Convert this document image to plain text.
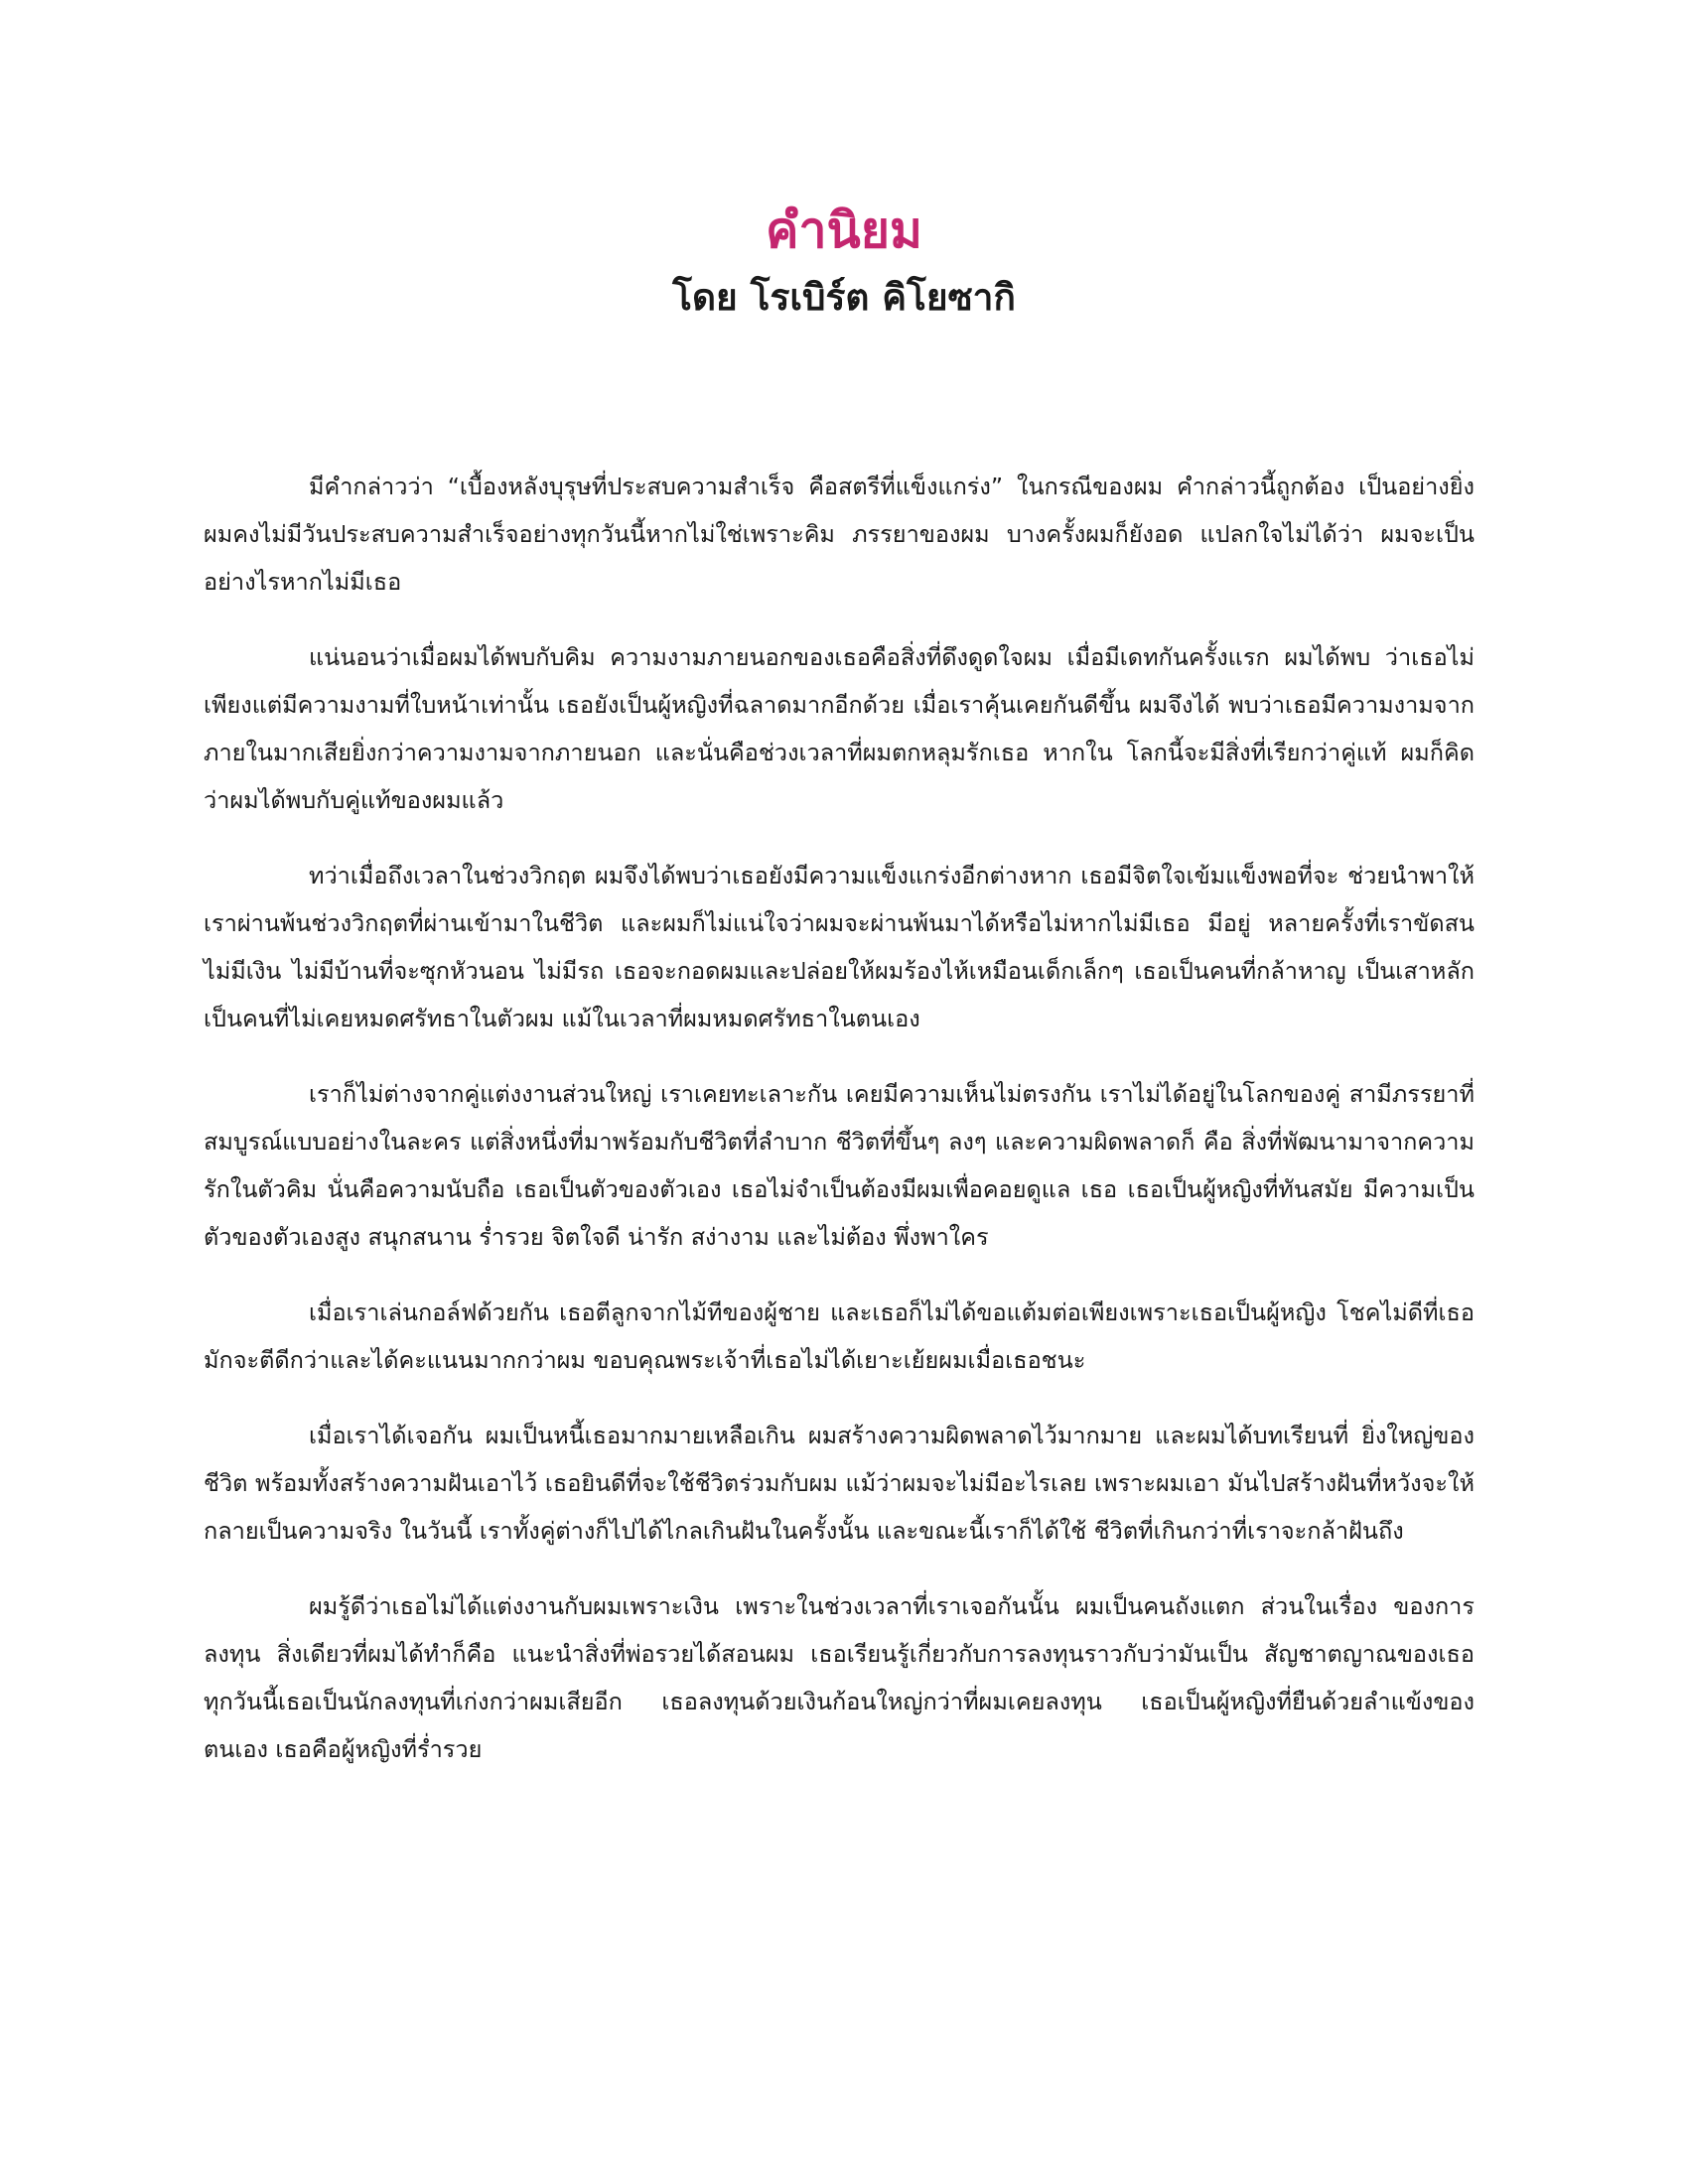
คำนิยม
โดย โรเบิร์ต คิโยซากิ

มีคำกล่าวว่า “เบื้องหลังบุรุษที่ประสบความสำเร็จ คือสตรีที่แข็งแกร่ง” ในกรณีของผม คำกล่าวนี้ถูกต้อง เป็นอย่างยิ่ง ผมคงไม่มีวันประสบความสำเร็จอย่างทุกวันนี้หากไม่ใช่เพราะคิม ภรรยาของผม บางครั้งผมก็ยังอด แปลกใจไม่ได้ว่า ผมจะเป็นอย่างไรหากไม่มีเธอ

แน่นอนว่าเมื่อผมได้พบกับคิม ความงามภายนอกของเธอคือสิ่งที่ดึงดูดใจผม เมื่อมีเดทกันครั้งแรก ผมได้พบ ว่าเธอไม่เพียงแต่มีความงามที่ใบหน้าเท่านั้น เธอยังเป็นผู้หญิงที่ฉลาดมากอีกด้วย เมื่อเราคุ้นเคยกันดีขึ้น ผมจึงได้ พบว่าเธอมีความงามจากภายในมากเสียยิ่งกว่าความงามจากภายนอก และนั่นคือช่วงเวลาที่ผมตกหลุมรักเธอ หากใน โลกนี้จะมีสิ่งที่เรียกว่าคู่แท้ ผมก็คิดว่าผมได้พบกับคู่แท้ของผมแล้ว

ทว่าเมื่อถึงเวลาในช่วงวิกฤต ผมจึงได้พบว่าเธอยังมีความแข็งแกร่งอีกต่างหาก เธอมีจิตใจเข้มแข็งพอที่จะ ช่วยนำพาให้เราผ่านพ้นช่วงวิกฤตที่ผ่านเข้ามาในชีวิต และผมก็ไม่แน่ใจว่าผมจะผ่านพ้นมาได้หรือไม่หากไม่มีเธอ มีอยู่ หลายครั้งที่เราขัดสน ไม่มีเงิน ไม่มีบ้านที่จะซุกหัวนอน ไม่มีรถ เธอจะกอดผมและปล่อยให้ผมร้องไห้เหมือนเด็กเล็กๆ เธอเป็นคนที่กล้าหาญ เป็นเสาหลัก เป็นคนที่ไม่เคยหมดศรัทธาในตัวผม แม้ในเวลาที่ผมหมดศรัทธาในตนเอง

เราก็ไม่ต่างจากคู่แต่งงานส่วนใหญ่ เราเคยทะเลาะกัน เคยมีความเห็นไม่ตรงกัน เราไม่ได้อยู่ในโลกของคู่ สามีภรรยาที่สมบูรณ์แบบอย่างในละคร แต่สิ่งหนึ่งที่มาพร้อมกับชีวิตที่ลำบาก ชีวิตที่ขึ้นๆ ลงๆ และความผิดพลาดก็ คือ สิ่งที่พัฒนามาจากความรักในตัวคิม นั่นคือความนับถือ เธอเป็นตัวของตัวเอง เธอไม่จำเป็นต้องมีผมเพื่อคอยดูแล เธอ เธอเป็นผู้หญิงที่ทันสมัย มีความเป็นตัวของตัวเองสูง สนุกสนาน ร่ำรวย จิตใจดี น่ารัก สง่างาม และไม่ต้อง พึ่งพาใคร

เมื่อเราเล่นกอล์ฟด้วยกัน เธอตีลูกจากไม้ทีของผู้ชาย และเธอก็ไม่ได้ขอแต้มต่อเพียงเพราะเธอเป็นผู้หญิง โชคไม่ดีที่เธอมักจะตีดีกว่าและได้คะแนนมากกว่าผม ขอบคุณพระเจ้าที่เธอไม่ได้เยาะเย้ยผมเมื่อเธอชนะ

เมื่อเราได้เจอกัน ผมเป็นหนี้เธอมากมายเหลือเกิน ผมสร้างความผิดพลาดไว้มากมาย และผมได้บทเรียนที่ ยิ่งใหญ่ของชีวิต พร้อมทั้งสร้างความฝันเอาไว้ เธอยินดีที่จะใช้ชีวิตร่วมกับผม แม้ว่าผมจะไม่มีอะไรเลย เพราะผมเอา มันไปสร้างฝันที่หวังจะให้กลายเป็นความจริง ในวันนี้ เราทั้งคู่ต่างก็ไปได้ไกลเกินฝันในครั้งนั้น และขณะนี้เราก็ได้ใช้ ชีวิตที่เกินกว่าที่เราจะกล้าฝันถึง

ผมรู้ดีว่าเธอไม่ได้แต่งงานกับผมเพราะเงิน เพราะในช่วงเวลาที่เราเจอกันนั้น ผมเป็นคนถังแตก ส่วนในเรื่อง ของการลงทุน สิ่งเดียวที่ผมได้ทำก็คือ แนะนำสิ่งที่พ่อรวยได้สอนผม เธอเรียนรู้เกี่ยวกับการลงทุนราวกับว่ามันเป็น สัญชาตญาณของเธอ ทุกวันนี้เธอเป็นนักลงทุนที่เก่งกว่าผมเสียอีก เธอลงทุนด้วยเงินก้อนใหญ่กว่าที่ผมเคยลงทุน เธอเป็นผู้หญิงที่ยืนด้วยลำแข้งของตนเอง เธอคือผู้หญิงที่ร่ำรวย
